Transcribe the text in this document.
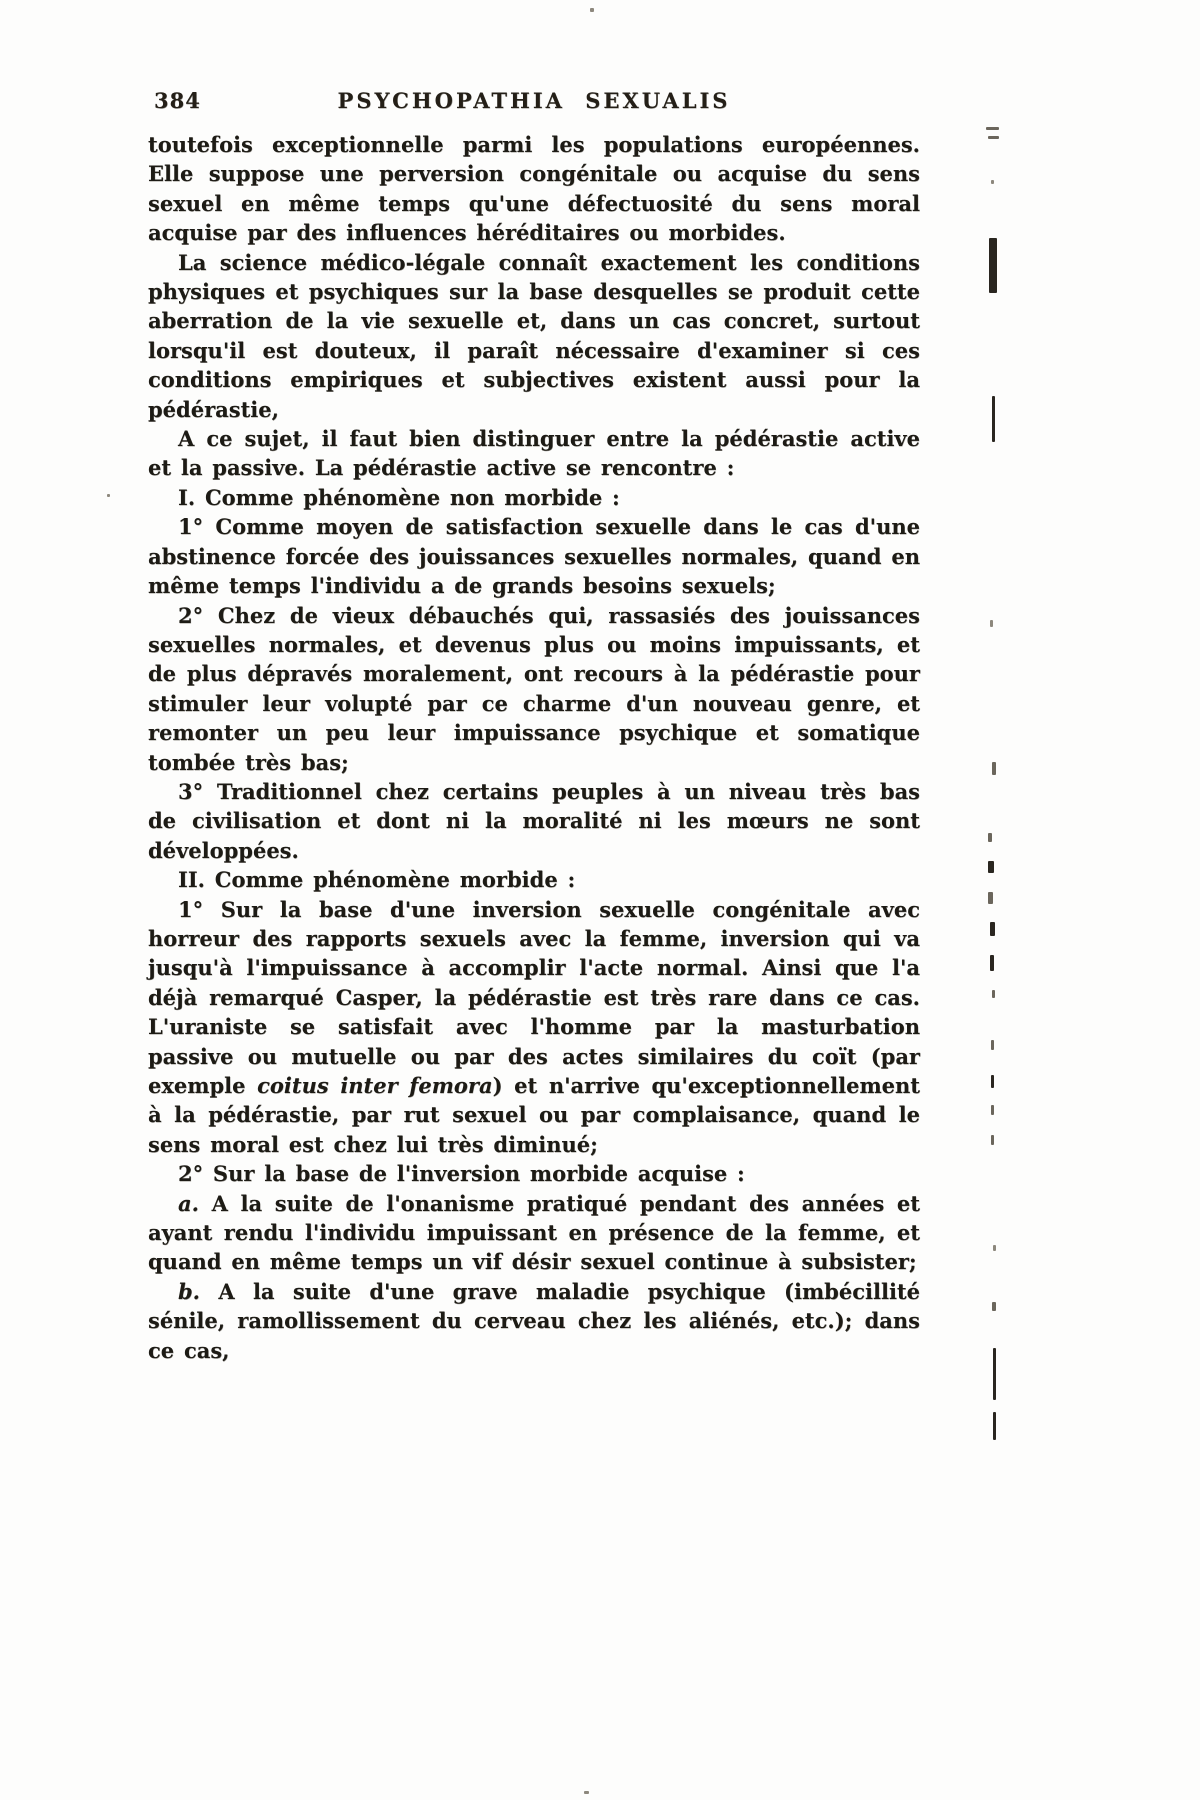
384	PSYCHOPATHIA SEXUALIS

toutefois exceptionnelle parmi les populations européennes. Elle suppose une perversion congénitale ou acquise du sens sexuel en même temps qu'une défectuosité du sens moral acquise par des influences héréditaires ou morbides.

La science médico-légale connaît exactement les conditions physiques et psychiques sur la base desquelles se produit cette aberration de la vie sexuelle et, dans un cas concret, surtout lorsqu'il est douteux, il paraît nécessaire d'examiner si ces conditions empiriques et subjectives existent aussi pour la pédérastie,

A ce sujet, il faut bien distinguer entre la pédérastie active et la passive. La pédérastie active se rencontre :

I. Comme phénomène non morbide :

1° Comme moyen de satisfaction sexuelle dans le cas d'une abstinence forcée des jouissances sexuelles normales, quand en même temps l'individu a de grands besoins sexuels;

2° Chez de vieux débauchés qui, rassasiés des jouissances sexuelles normales, et devenus plus ou moins impuissants, et de plus dépravés moralement, ont recours à la pédérastie pour stimuler leur volupté par ce charme d'un nouveau genre, et remonter un peu leur impuissance psychique et somatique tombée très bas;

3° Traditionnel chez certains peuples à un niveau très bas de civilisation et dont ni la moralité ni les mœurs ne sont développées.

II. Comme phénomène morbide :

1° Sur la base d'une inversion sexuelle congénitale avec horreur des rapports sexuels avec la femme, inversion qui va jusqu'à l'impuissance à accomplir l'acte normal. Ainsi que l'a déjà remarqué Casper, la pédérastie est très rare dans ce cas. L'uraniste se satisfait avec l'homme par la masturbation passive ou mutuelle ou par des actes similaires du coït (par exemple coitus inter femora) et n'arrive qu'exceptionnellement à la pédérastie, par rut sexuel ou par complaisance, quand le sens moral est chez lui très diminué;

2° Sur la base de l'inversion morbide acquise :

a. A la suite de l'onanisme pratiqué pendant des années et ayant rendu l'individu impuissant en présence de la femme, et quand en même temps un vif désir sexuel continue à subsister;

b. A la suite d'une grave maladie psychique (imbécillité sénile, ramollissement du cerveau chez les aliénés, etc.); dans ce cas,
